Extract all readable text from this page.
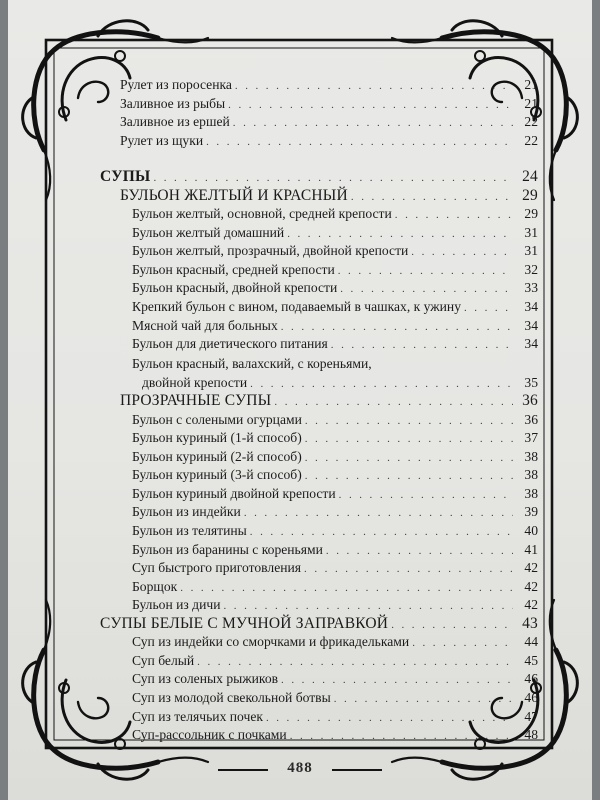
Рулет из поросенка . . .	21
Заливное из рыбы . . .	21
Заливное из ершей . . .	22
Рулет из щуки . . .	22
СУПЫ . . .	24
БУЛЬОН ЖЕЛТЫЙ И КРАСНЫЙ . . .	29
Бульон желтый, основной, средней крепости . . .	29
Бульон желтый домашний . . .	31
Бульон желтый, прозрачный, двойной крепости . . .	31
Бульон красный, средней крепости . . .	32
Бульон красный, двойной крепости . . .	33
Крепкий бульон с вином, подаваемый в чашках, к ужину . . .	34
Мясной чай для больных . . .	34
Бульон для диетического питания . . .	34
Бульон красный, валахский, с кореньями,
двойной крепости . . .	35
ПРОЗРАЧНЫЕ СУПЫ . . .	36
Бульон с солеными огурцами . . .	36
Бульон куриный (1-й способ) . . .	37
Бульон куриный (2-й способ) . . .	38
Бульон куриный (3-й способ) . . .	38
Бульон куриный двойной крепости . . .	38
Бульон из индейки . . .	39
Бульон из телятины . . .	40
Бульон из баранины с кореньями . . .	41
Суп быстрого приготовления . . .	42
Борщок . . .	42
Бульон из дичи . . .	42
СУПЫ БЕЛЫЕ С МУЧНОЙ ЗАПРАВКОЙ . . .	43
Суп из индейки со сморчками и фрикадельками . . .	44
Суп белый . . .	45
Суп из соленых рыжиков . . .	46
Суп из молодой свекольной ботвы . . .	46
Суп из телячьих почек . . .	47
Суп-рассольник с почками . . .	48
488
